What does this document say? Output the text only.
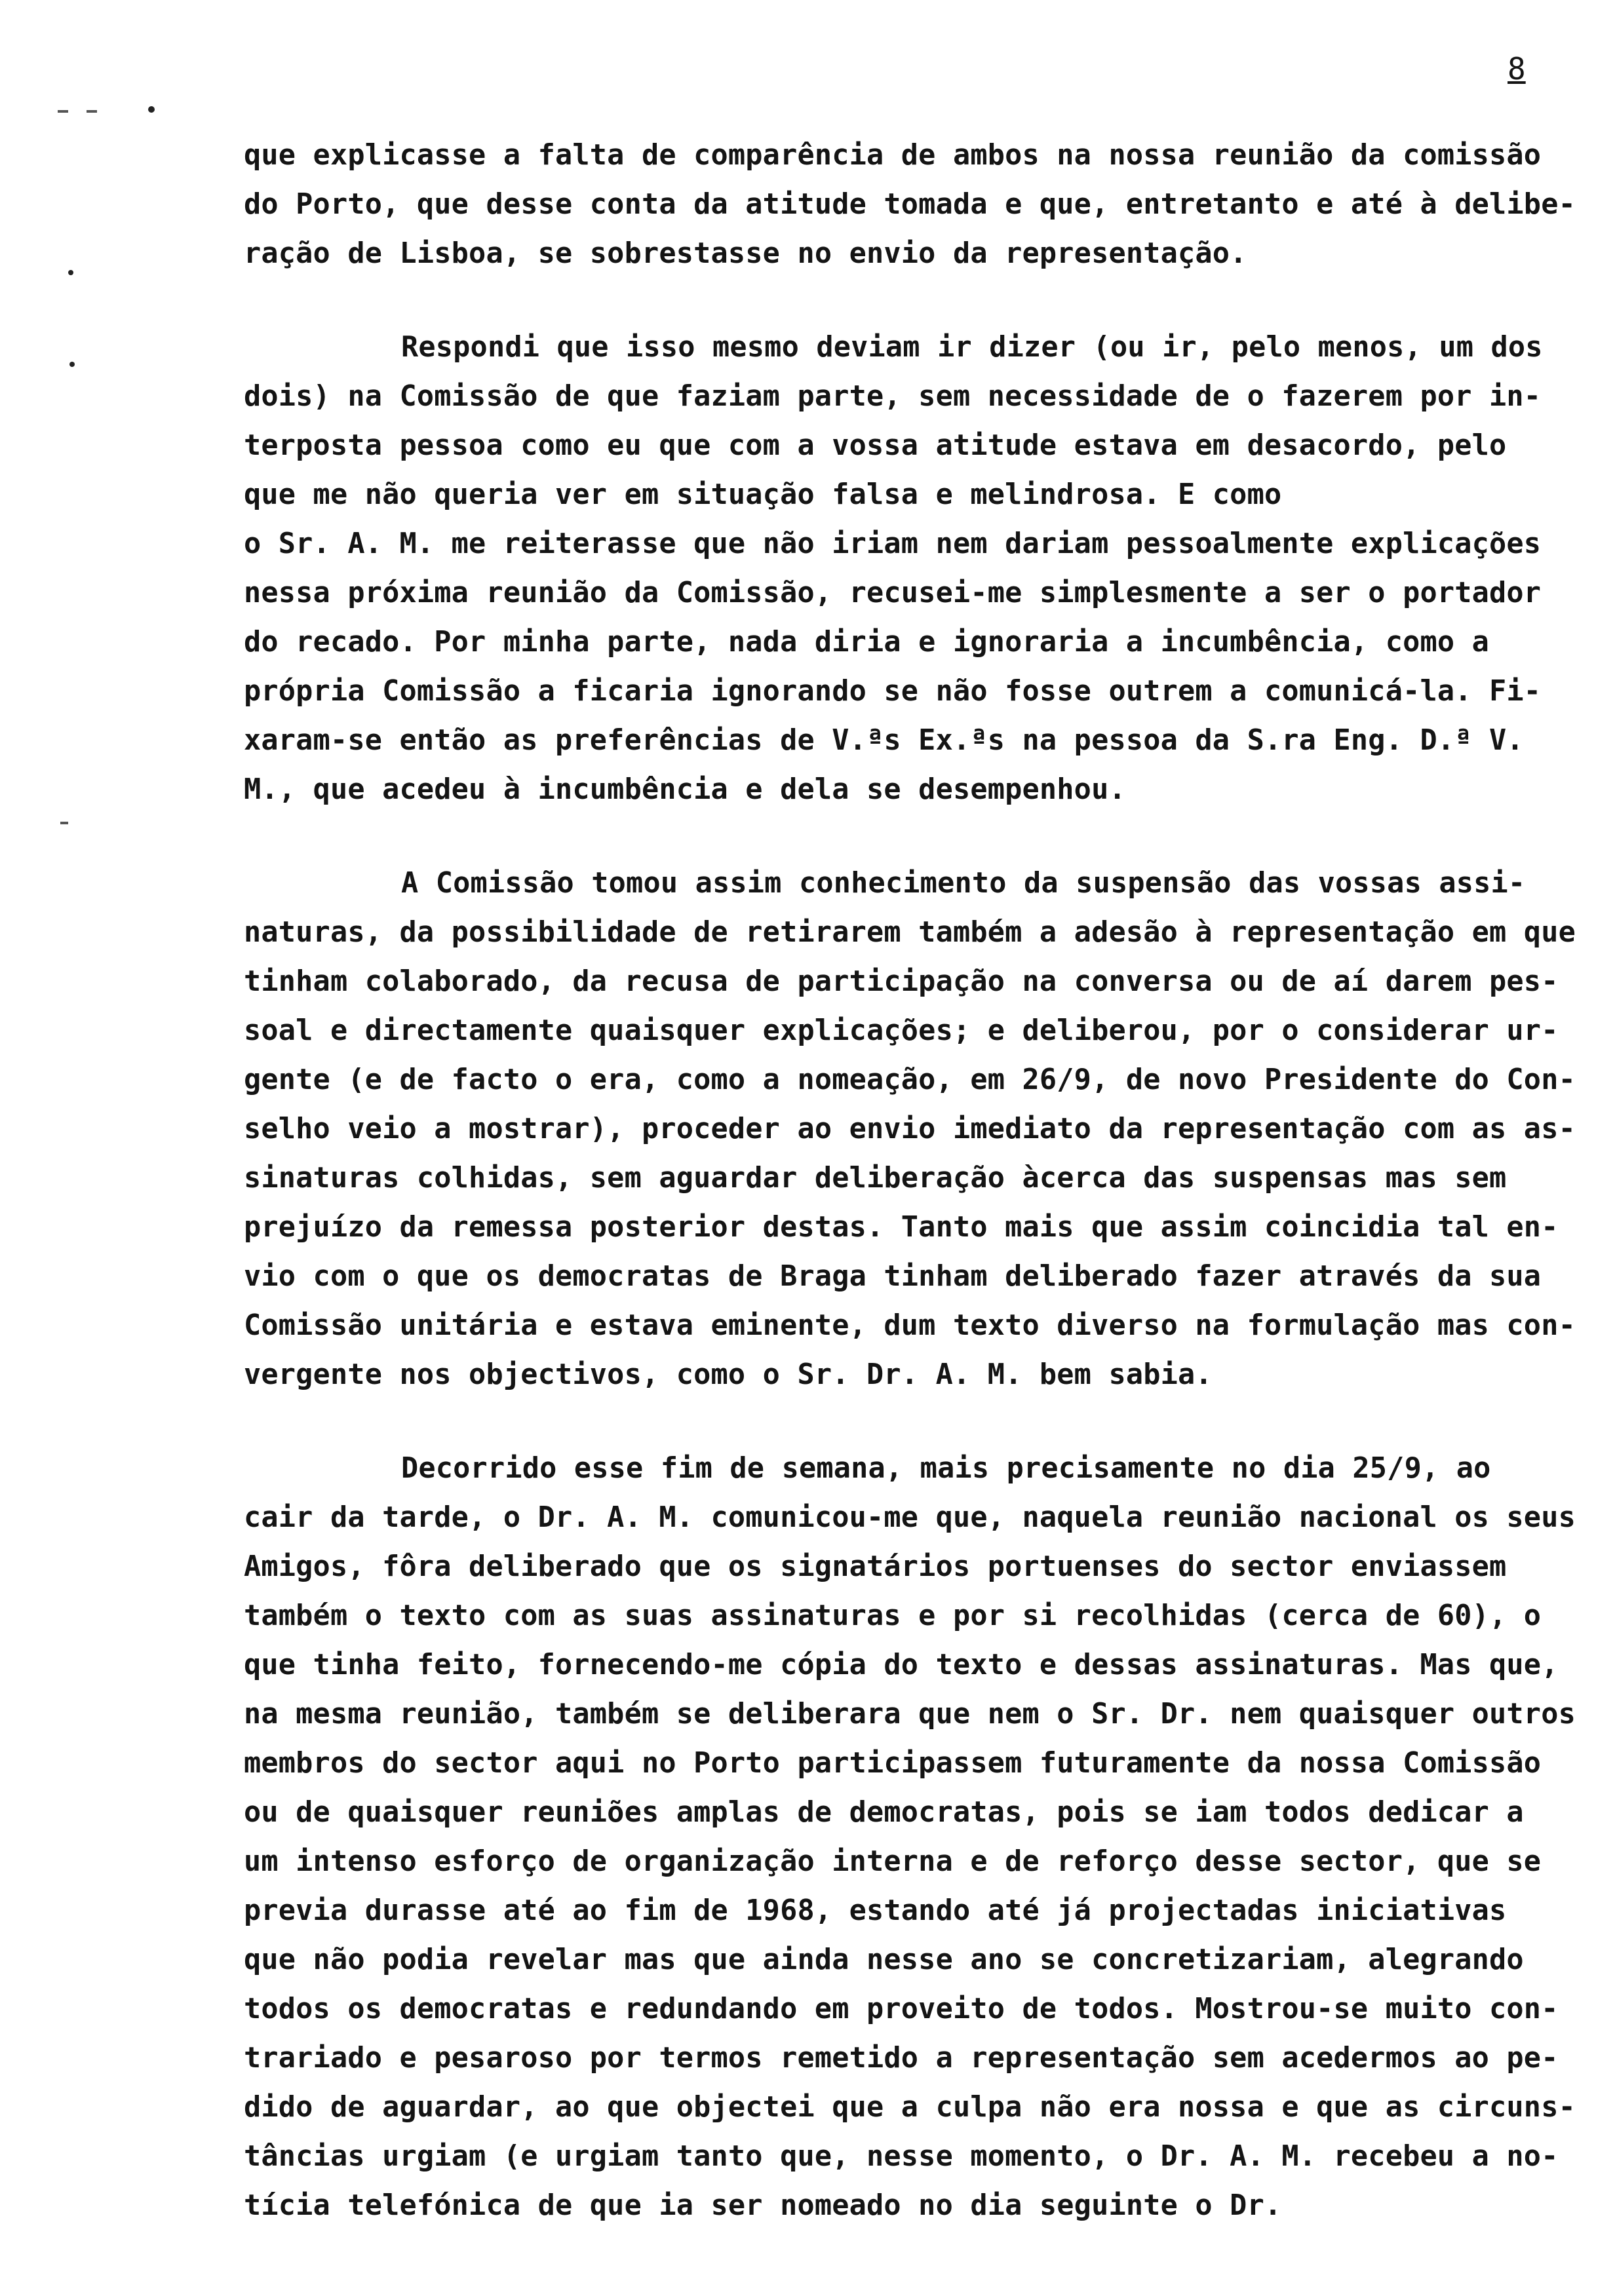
8

que explicasse a falta de comparência de ambos na nossa reunião da comissão
do Porto, que desse conta da atitude tomada e que, entretanto e até à delibe-
ração de Lisboa, se sobrestasse no envio da representação.

Respondi que isso mesmo deviam ir dizer (ou ir, pelo menos, um dos
dois) na Comissão de que faziam parte, sem necessidade de o fazerem por in-
terposta pessoa como eu que com a vossa atitude estava em desacordo, pelo
que me não queria ver em situação falsa e melindrosa. E como
o Sr. A. M. me reiterasse que não iriam nem dariam pessoalmente explicações
nessa próxima reunião da Comissão, recusei-me simplesmente a ser o portador
do recado. Por minha parte, nada diria e ignoraria a incumbência, como a
própria Comissão a ficaria ignorando se não fosse outrem a comunicá-la. Fi-
xaram-se então as preferências de V.ªs Ex.ªs na pessoa da S.ra Eng. D.ª V.
M., que acedeu à incumbência e dela se desempenhou.

A Comissão tomou assim conhecimento da suspensão das vossas assi-
naturas, da possibilidade de retirarem também a adesão à representação em que
tinham colaborado, da recusa de participação na conversa ou de aí darem pes-
soal e directamente quaisquer explicações; e deliberou, por o considerar ur-
gente (e de facto o era, como a nomeação, em 26/9, de novo Presidente do Con-
selho veio a mostrar), proceder ao envio imediato da representação com as as-
sinaturas colhidas, sem aguardar deliberação àcerca das suspensas mas sem
prejuízo da remessa posterior destas. Tanto mais que assim coincidia tal en-
vio com o que os democratas de Braga tinham deliberado fazer através da sua
Comissão unitária e estava eminente, dum texto diverso na formulação mas con-
vergente nos objectivos, como o Sr. Dr. A. M. bem sabia.

Decorrido esse fim de semana, mais precisamente no dia 25/9, ao
cair da tarde, o Dr. A. M. comunicou-me que, naquela reunião nacional os seus
Amigos, fôra deliberado que os signatários portuenses do sector enviassem
também o texto com as suas assinaturas e por si recolhidas (cerca de 60), o
que tinha feito, fornecendo-me cópia do texto e dessas assinaturas. Mas que,
na mesma reunião, também se deliberara que nem o Sr. Dr. nem quaisquer outros
membros do sector aqui no Porto participassem futuramente da nossa Comissão
ou de quaisquer reuniões amplas de democratas, pois se iam todos dedicar a
um intenso esforço de organização interna e de reforço desse sector, que se
previa durasse até ao fim de 1968, estando até já projectadas iniciativas
que não podia revelar mas que ainda nesse ano se concretizariam, alegrando
todos os democratas e redundando em proveito de todos. Mostrou-se muito con-
trariado e pesaroso por termos remetido a representação sem acedermos ao pe-
dido de aguardar, ao que objectei que a culpa não era nossa e que as circuns-
tâncias urgiam (e urgiam tanto que, nesse momento, o Dr. A. M. recebeu a no-
tícia telefónica de que ia ser nomeado no dia seguinte o Dr.
